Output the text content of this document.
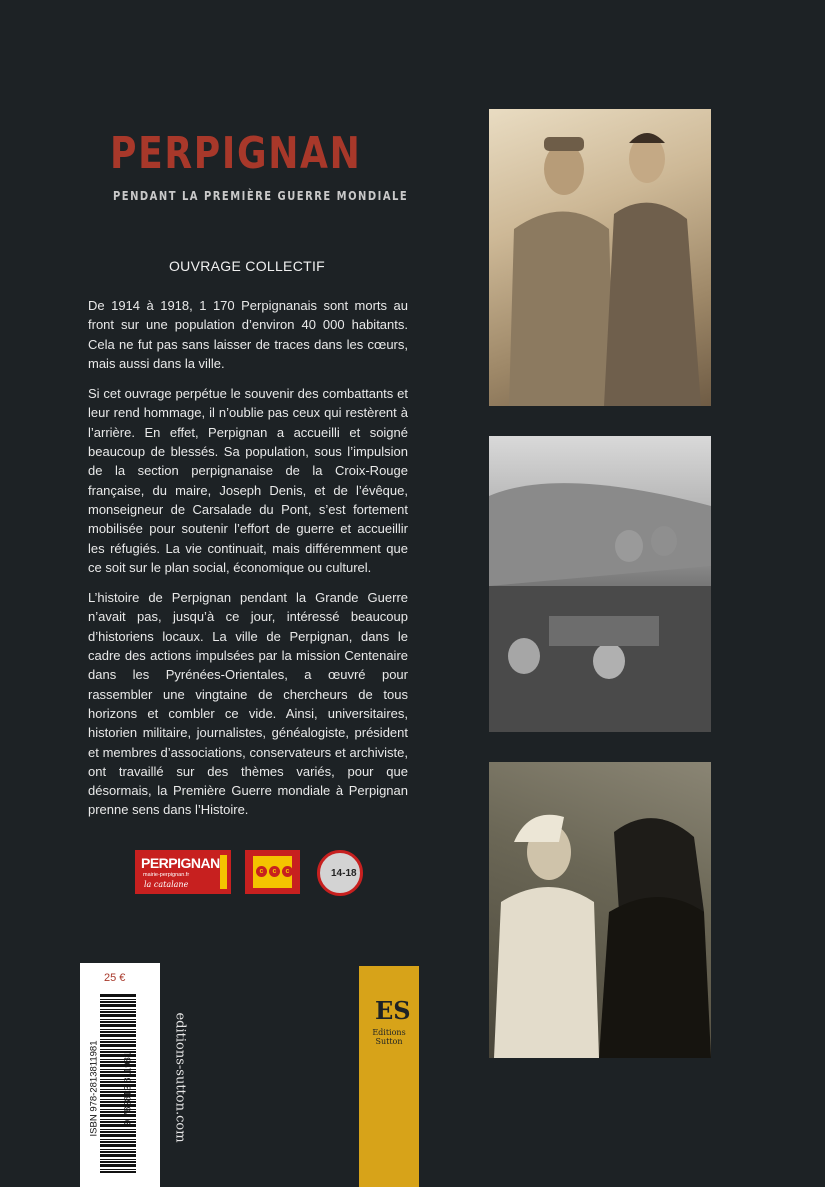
PERPIGNAN
PENDANT LA PREMIÈRE GUERRE MONDIALE
OUVRAGE COLLECTIF

De 1914 à 1918, 1 170 Perpignanais sont morts au front sur une population d’environ 40 000 habitants. Cela ne fut pas sans laisser de traces dans les cœurs, mais aussi dans la ville.

Si cet ouvrage perpétue le souvenir des combattants et leur rend hommage, il n’oublie pas ceux qui restèrent à l’arrière. En effet, Perpignan a accueilli et soigné beaucoup de blessés. Sa population, sous l’impulsion de la section perpignanaise de la Croix-Rouge française, du maire, Joseph Denis, et de l’évêque, monseigneur de Carsalade du Pont, s’est fortement mobilisée pour soutenir l’effort de guerre et accueillir les réfugiés. La vie continuait, mais différemment que ce soit sur le plan social, économique ou culturel.

L’histoire de Perpignan pendant la Grande Guerre n’avait pas, jusqu’à ce jour, intéressé beaucoup d’historiens locaux. La ville de Perpignan, dans le cadre des actions impulsées par la mission Centenaire dans les Pyrénées-Orientales, a œuvré pour rassembler une vingtaine de chercheurs de tous horizons et combler ce vide. Ainsi, universitaires, historien militaire, journalistes, généalogiste, président et membres d’associations, conservateurs et archiviste, ont travaillé sur des thèmes variés, pour que désormais, la Première Guerre mondiale à Perpignan prenne sens dans l’Histoire.

PERPIGNAN
mairie-perpignan.fr
la catalane
c	c	c	14-18
25 €
ISBN 978-2813811981 9 782813 811981	editions-sutton.com
ES
Editions
Sutton
